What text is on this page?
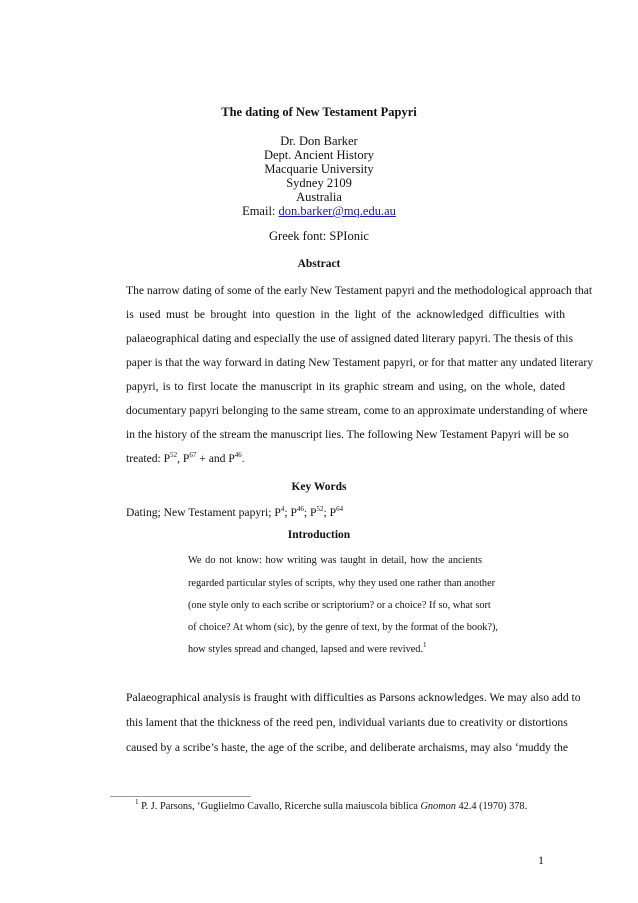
The dating of New Testament Papyri
Dr. Don Barker
Dept. Ancient History
Macquarie University
Sydney 2109
Australia
Email: don.barker@mq.edu.au
Greek font: SPIonic
Abstract
The narrow dating of some of the early New Testament papyri and the methodological approach that
is used must be brought into question in the light of the acknowledged difficulties with
palaeographical dating and especially the use of assigned dated literary papyri. The thesis of this
paper is that the way forward in dating New Testament papyri, or for that matter any undated literary
papyri, is to first locate the manuscript in its graphic stream and using, on the whole, dated
documentary papyri belonging to the same stream, come to an approximate understanding of where
in the history of the stream the manuscript lies. The following New Testament Papyri will be so
treated: $P^{52}$, $P^{67}$ + and $P^{46}$.
Key Words
Dating; New Testament papyri; $P^4$; $P^{46}$; $P^{52}$; $P^{64}$
Introduction
We do not know: how writing was taught in detail, how the ancients
regarded particular styles of scripts, why they used one rather than another
(one style only to each scribe or scriptorium? or a choice? If so, what sort
of choice? At whom (sic), by the genre of text, by the format of the book?),
how styles spread and changed, lapsed and were revived.$^1$
Palaeographical analysis is fraught with difficulties as Parsons acknowledges. We may also add to
this lament that the thickness of the reed pen, individual variants due to creativity or distortions
caused by a scribe’s haste, the age of the scribe, and deliberate archaisms, may also ‘muddy the
$^1$ P. J. Parsons, ‘Guglielmo Cavallo, Ricerche sulla maiuscola biblica Gnomon 42.4 (1970) 378.
1
